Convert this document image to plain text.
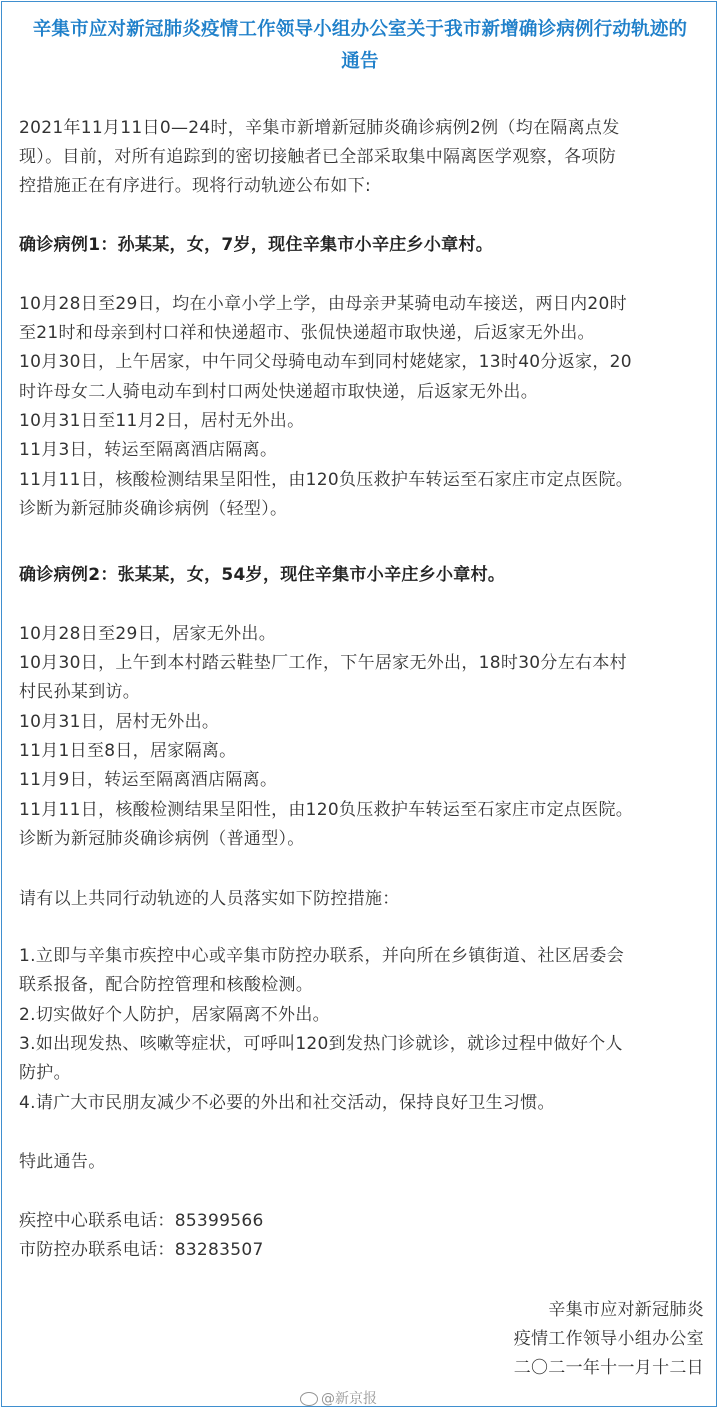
辛集市应对新冠肺炎疫情工作领导小组办公室关于我市新增确诊病例行动轨迹的
通告
2021年11月11日0—24时，辛集市新增新冠肺炎确诊病例2例（均在隔离点发
现）。目前，对所有追踪到的密切接触者已全部采取集中隔离医学观察，各项防
控措施正在有序进行。现将行动轨迹公布如下:
确诊病例1：孙某某，女，7岁，现住辛集市小辛庄乡小章村。
10月28日至29日，均在小章小学上学，由母亲尹某骑电动车接送，两日内20时
至21时和母亲到村口祥和快递超市、张侃快递超市取快递，后返家无外出。
10月30日，上午居家，中午同父母骑电动车到同村姥姥家，13时40分返家，20
时许母女二人骑电动车到村口两处快递超市取快递，后返家无外出。
10月31日至11月2日，居村无外出。
11月3日，转运至隔离酒店隔离。
11月11日，核酸检测结果呈阳性，由120负压救护车转运至石家庄市定点医院。
诊断为新冠肺炎确诊病例（轻型）。
确诊病例2：张某某，女，54岁，现住辛集市小辛庄乡小章村。
10月28日至29日，居家无外出。
10月30日，上午到本村踏云鞋垫厂工作，下午居家无外出，18时30分左右本村
村民孙某到访。
10月31日，居村无外出。
11月1日至8日，居家隔离。
11月9日，转运至隔离酒店隔离。
11月11日，核酸检测结果呈阳性，由120负压救护车转运至石家庄市定点医院。
诊断为新冠肺炎确诊病例（普通型）。
请有以上共同行动轨迹的人员落实如下防控措施：
1.立即与辛集市疾控中心或辛集市防控办联系，并向所在乡镇街道、社区居委会
联系报备，配合防控管理和核酸检测。
2.切实做好个人防护，居家隔离不外出。
3.如出现发热、咳嗽等症状，可呼叫120到发热门诊就诊，就诊过程中做好个人
防护。
4.请广大市民朋友减少不必要的外出和社交活动，保持良好卫生习惯。
特此通告。
疾控中心联系电话：85399566
市防控办联系电话：83283507
辛集市应对新冠肺炎
疫情工作领导小组办公室
二〇二一年十一月十二日
@新京报
